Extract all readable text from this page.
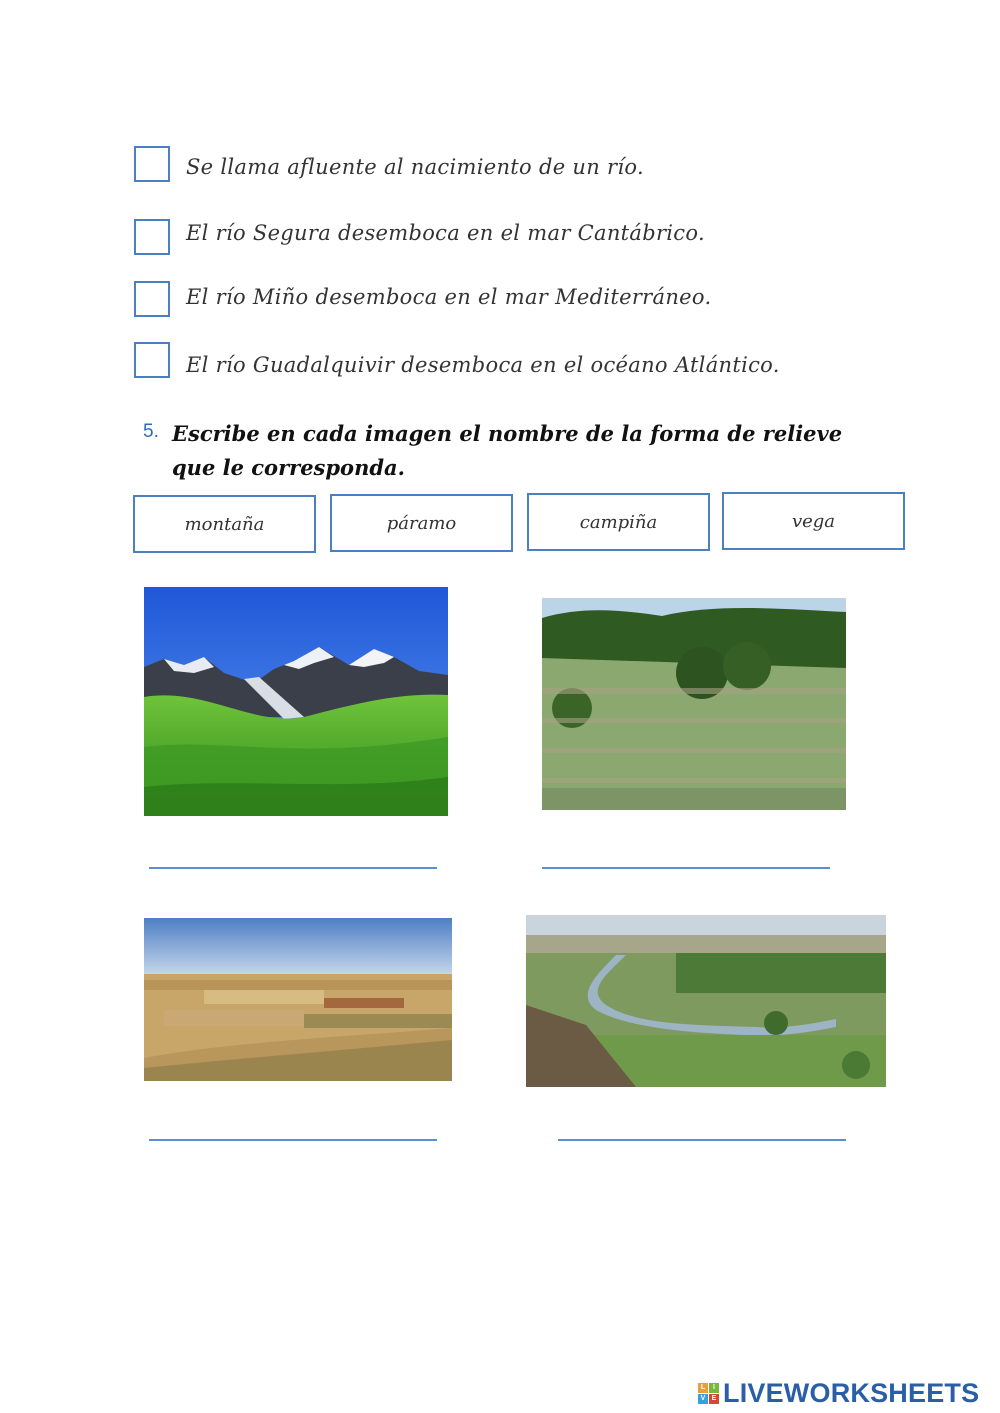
Se llama afluente al nacimiento de un río.
El río Segura desemboca en el mar Cantábrico.
El río Miño desemboca en el mar Mediterráneo.
El río Guadalquivir desemboca en el océano Atlántico.
5. Escribe en cada imagen el nombre de la forma de relieve que le corresponda.
montaña	páramo	campiña	vega
L	I
V E LIVEWORKSHEETS
